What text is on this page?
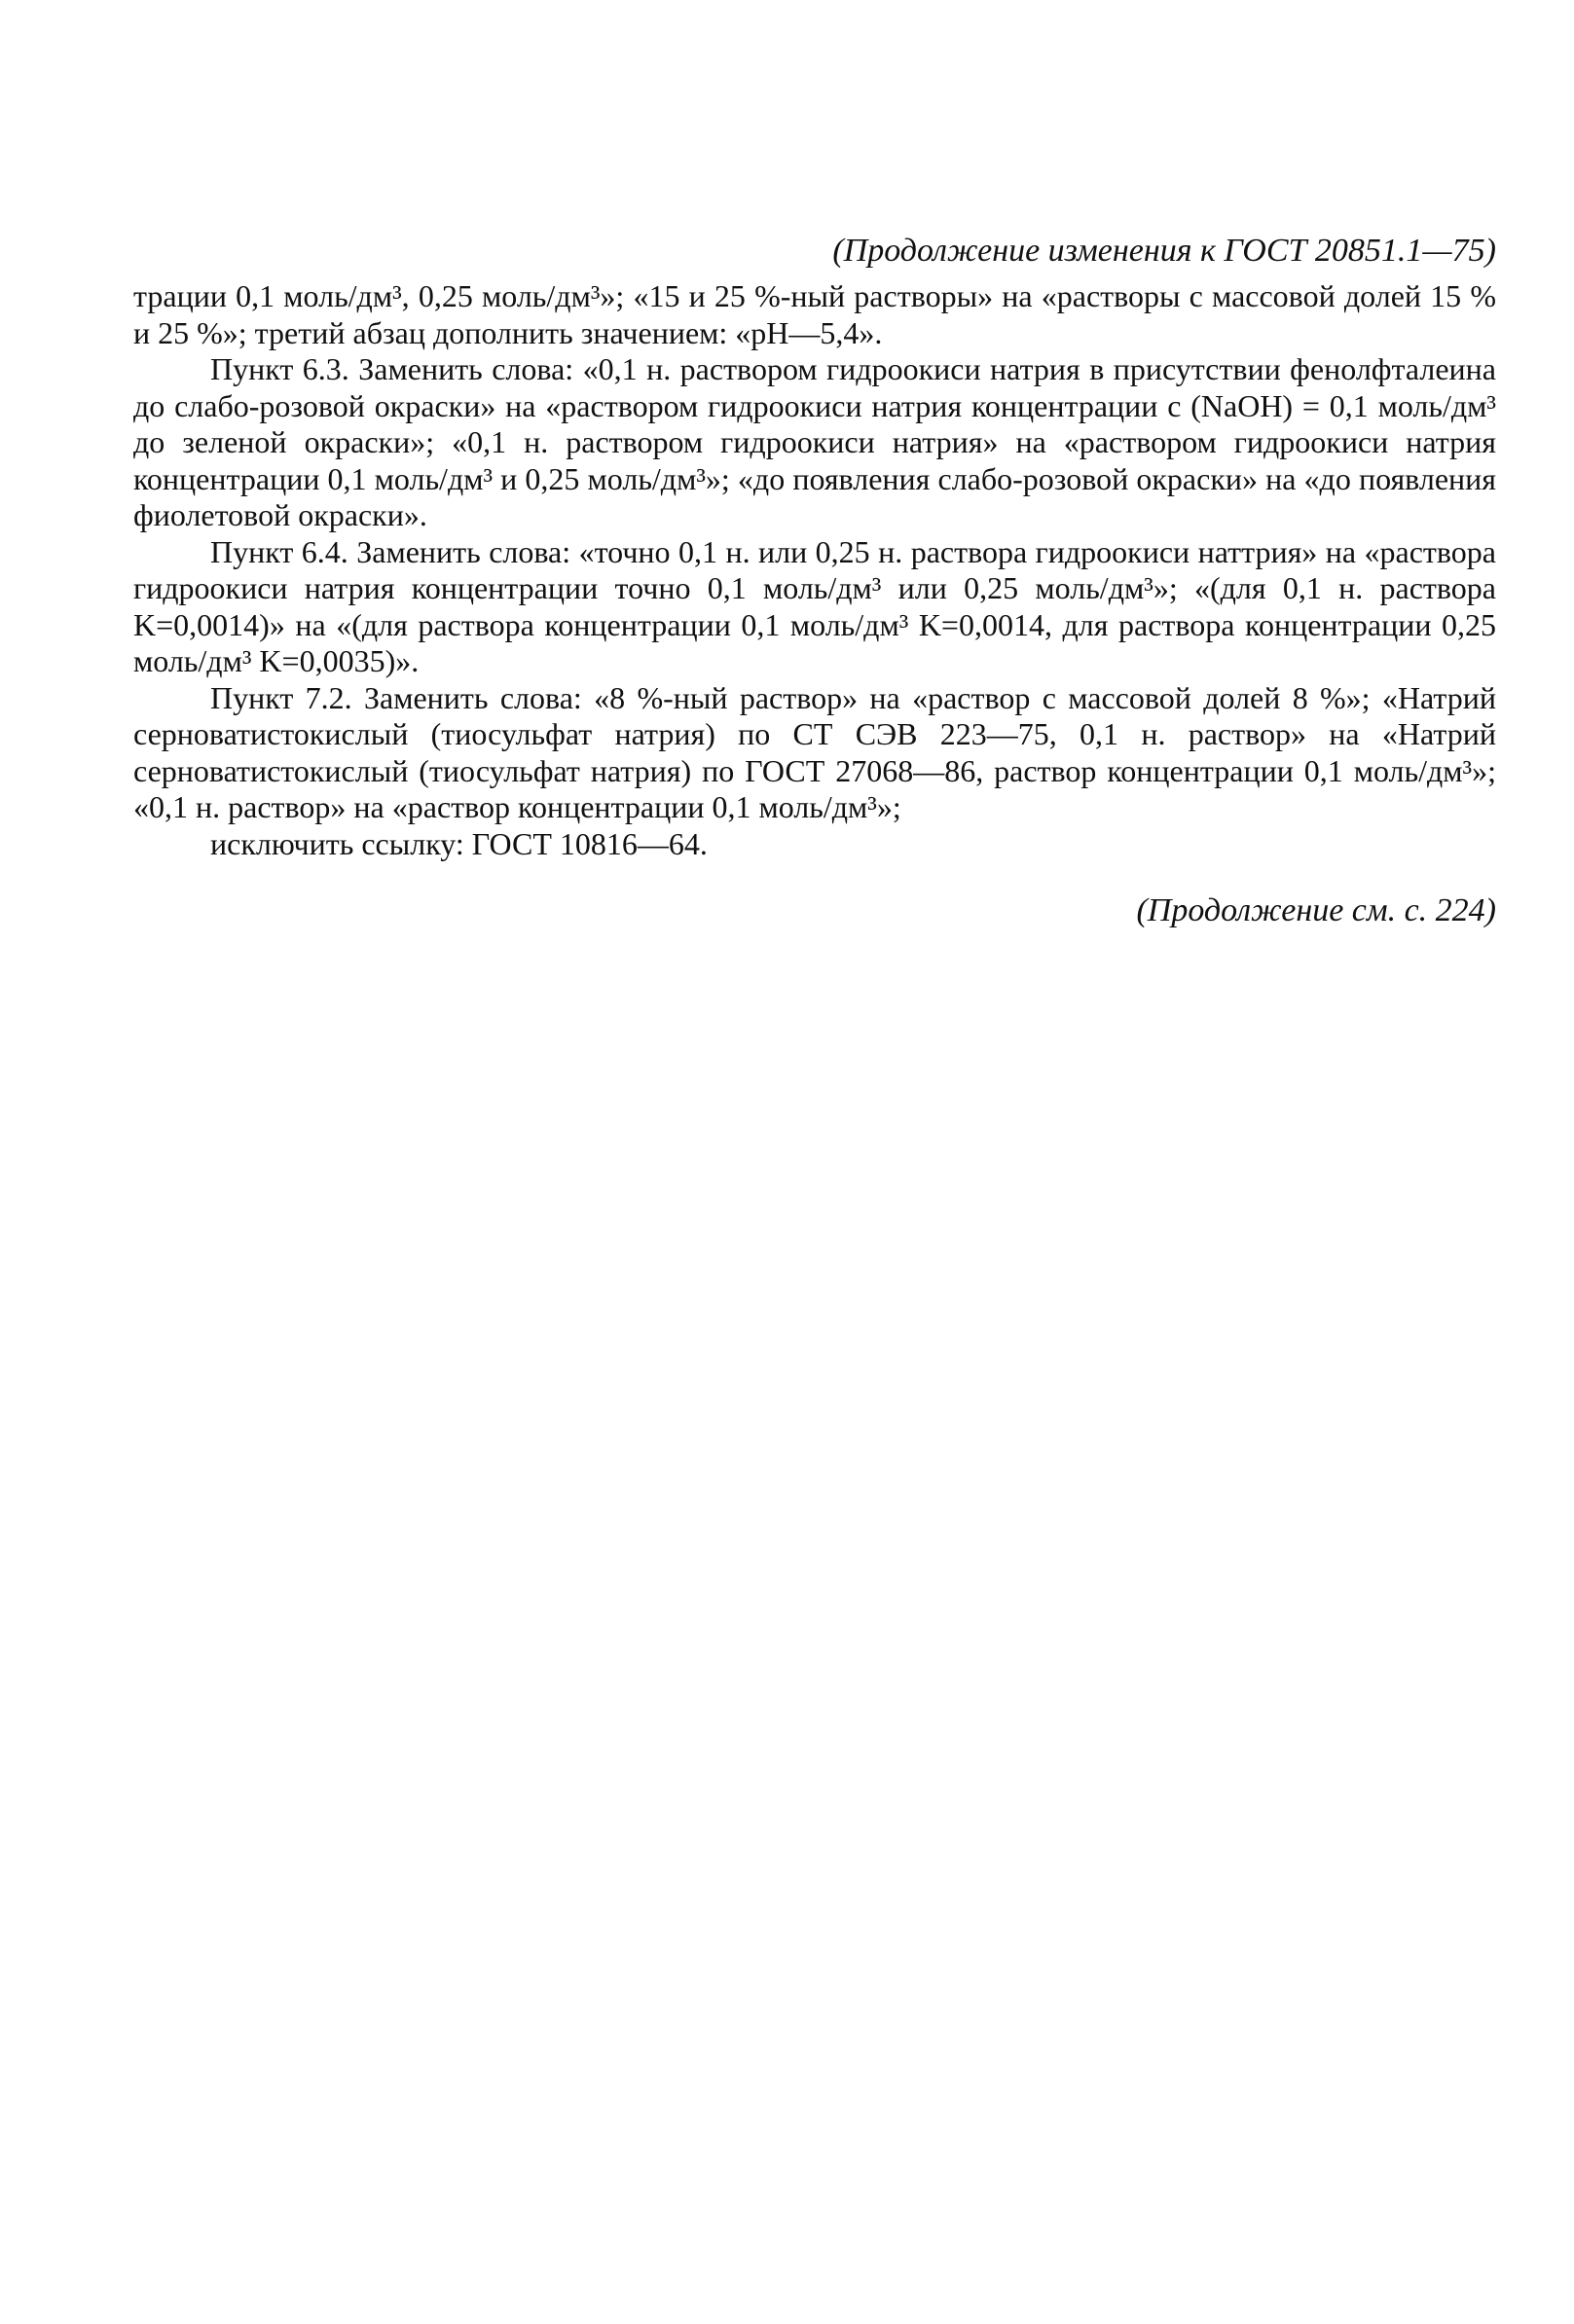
(Продолжение изменения к ГОСТ 20851.1—75)

трации 0,1 моль/дм³, 0,25 моль/дм³»; «15 и 25 %-ный растворы» на «растворы с массовой долей 15 % и 25 %»; третий абзац дополнить значением: «рН—5,4».

Пункт 6.3. Заменить слова: «0,1 н. раствором гидроокиси натрия в присутствии фенолфталеина до слабо-розовой окраски» на «раствором гидроокиси натрия концентрации c (NaOH) = 0,1 моль/дм³ до зеленой окраски»; «0,1 н. раствором гидроокиси натрия» на «раствором гидроокиси натрия концентрации 0,1 моль/дм³ и 0,25 моль/дм³»; «до появления слабо-розовой окраски» на «до появления фиолетовой окраски».

Пункт 6.4. Заменить слова: «точно 0,1 н. или 0,25 н. раствора гидроокиси наттрия» на «раствора гидроокиси натрия концентрации точно 0,1 моль/дм³ или 0,25 моль/дм³»; «(для 0,1 н. раствора K=0,0014)» на «(для раствора концентрации 0,1 моль/дм³ K=0,0014, для раствора концентрации 0,25 моль/дм³ K=0,0035)».

Пункт 7.2. Заменить слова: «8 %-ный раствор» на «раствор с массовой долей 8 %»; «Натрий серноватистокислый (тиосульфат натрия) по СТ СЭВ 223—75, 0,1 н. раствор» на «Натрий серноватистокислый (тиосульфат натрия) по ГОСТ 27068—86, раствор концентрации 0,1 моль/дм³»; «0,1 н. раствор» на «раствор концентрации 0,1 моль/дм³»;

исключить ссылку: ГОСТ 10816—64.

(Продолжение см. с. 224)
